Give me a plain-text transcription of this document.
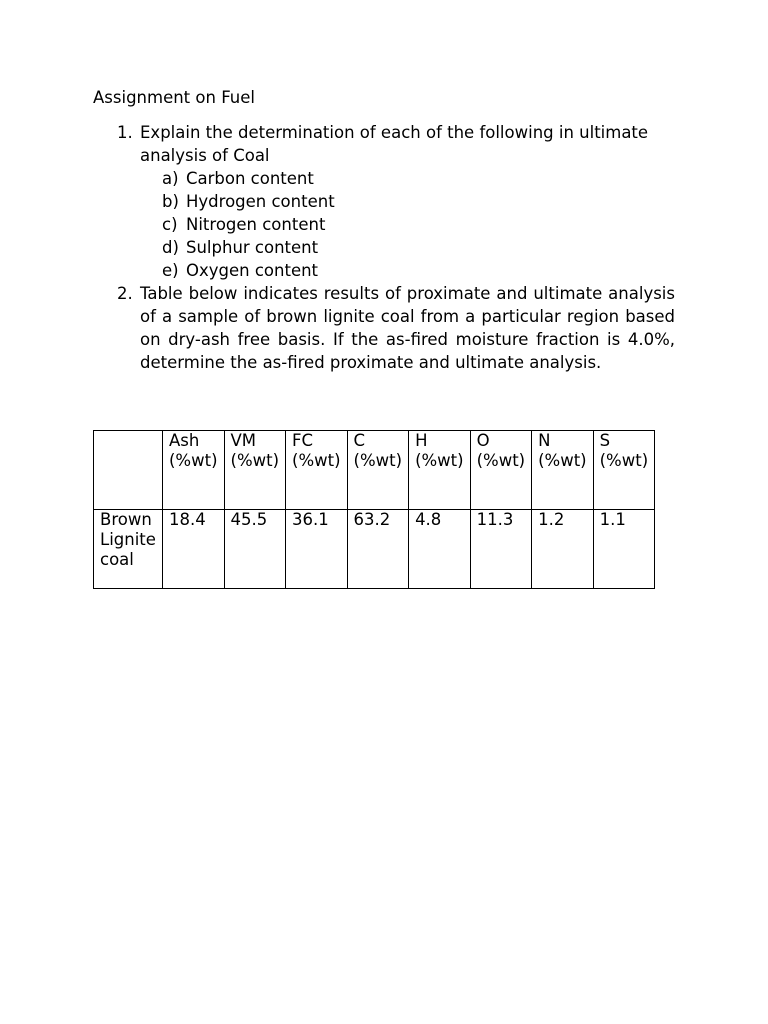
Assignment on Fuel
1. Explain the determination of each of the following in ultimate analysis of Coal

a) Carbon content
b) Hydrogen content
c) Nitrogen content
d) Sulphur content
e) Oxygen content
2. Table below indicates results of proximate and ultimate analysis of a sample of brown lignite coal from a particular region based on dry-ash free basis. If the as-fired moisture fraction is 4.0%, determine the as-fired proximate and ultimate analysis.

	Ash (%wt)	VM (%wt)	FC (%wt)	C (%wt)	H (%wt)	O (%wt)	N (%wt)	S (%wt)
Brown Lignite coal	18.4	45.5	36.1	63.2	4.8	11.3	1.2	1.1
